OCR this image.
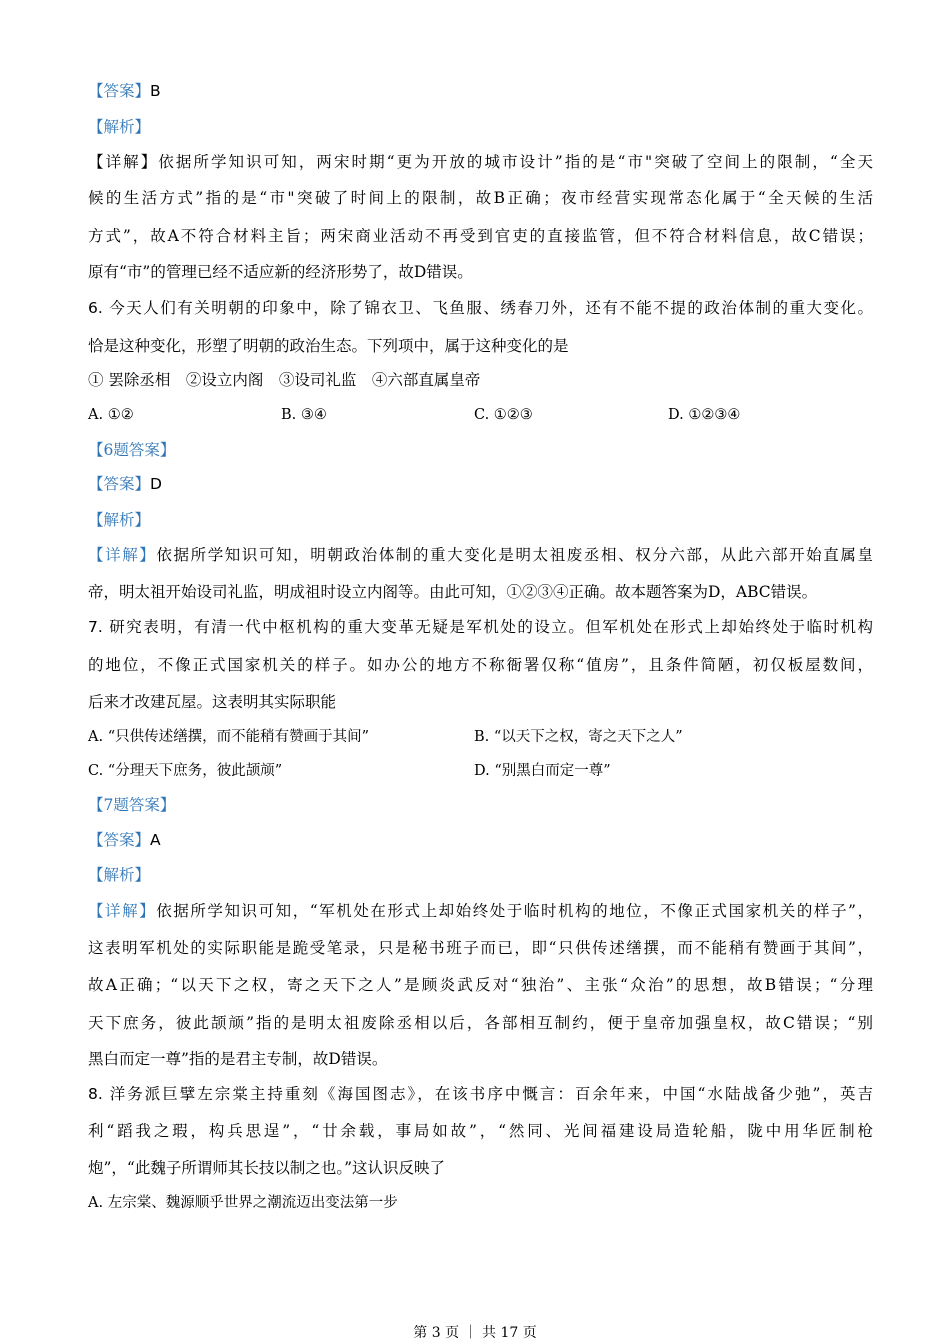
【答案】B
【解析】
【详解】依据所学知识可知，两宋时期“更为开放的城市设计”指的是“市"突破了空间上的限制，“全天
候的生活方式”指的是“市"突破了时间上的限制，故B正确；夜市经营实现常态化属于“全天候的生活
方式”，故A不符合材料主旨；两宋商业活动不再受到官吏的直接监管，但不符合材料信息，故C错误；
原有“市”的管理已经不适应新的经济形势了，故D错误。
6. 今天人们有关明朝的印象中，除了锦衣卫、飞鱼服、绣春刀外，还有不能不提的政治体制的重大变化。
恰是这种变化，形塑了明朝的政治生态。下列项中，属于这种变化的是
① 罢除丞相　②设立内阁　③设司礼监　④六部直属皇帝
A. ①②	B. ③④	C. ①②③	D. ①②③④
【6题答案】
【答案】D
【解析】
【详解】依据所学知识可知，明朝政治体制的重大变化是明太祖废丞相、权分六部，从此六部开始直属皇
帝，明太祖开始设司礼监，明成祖时设立内阁等。由此可知，①②③④正确。故本题答案为D，ABC错误。
7. 研究表明，有清一代中枢机构的重大变革无疑是军机处的设立。但军机处在形式上却始终处于临时机构
的地位，不像正式国家机关的样子。如办公的地方不称衙署仅称“值房”，且条件简陋，初仅板屋数间，
后来才改建瓦屋。这表明其实际职能
A. “只供传述缮撰，而不能稍有赞画于其间”	B. “以天下之权，寄之天下之人”
C. “分理天下庶务，彼此颉颃”	D. “别黑白而定一尊”
【7题答案】
【答案】A
【解析】
【详解】依据所学知识可知，“军机处在形式上却始终处于临时机构的地位，不像正式国家机关的样子”，
这表明军机处的实际职能是跪受笔录，只是秘书班子而已，即“只供传述缮撰，而不能稍有赞画于其间”，
故A正确；“以天下之权，寄之天下之人”是顾炎武反对“独治”、主张“众治”的思想，故B错误；“分理
天下庶务，彼此颉颃”指的是明太祖废除丞相以后，各部相互制约，便于皇帝加强皇权，故C错误；“别
黑白而定一尊”指的是君主专制，故D错误。
8. 洋务派巨擘左宗棠主持重刻《海国图志》，在该书序中慨言：百余年来，中国“水陆战备少弛”，英吉
利“蹈我之瑕，构兵思逞”，“廿余载，事局如故”，“然同、光间福建设局造轮船，陇中用华匠制枪
炮”，“此魏子所谓师其长技以制之也。”这认识反映了
A. 左宗棠、魏源顺乎世界之潮流迈出变法第一步
第 3 页 ｜ 共 17 页
